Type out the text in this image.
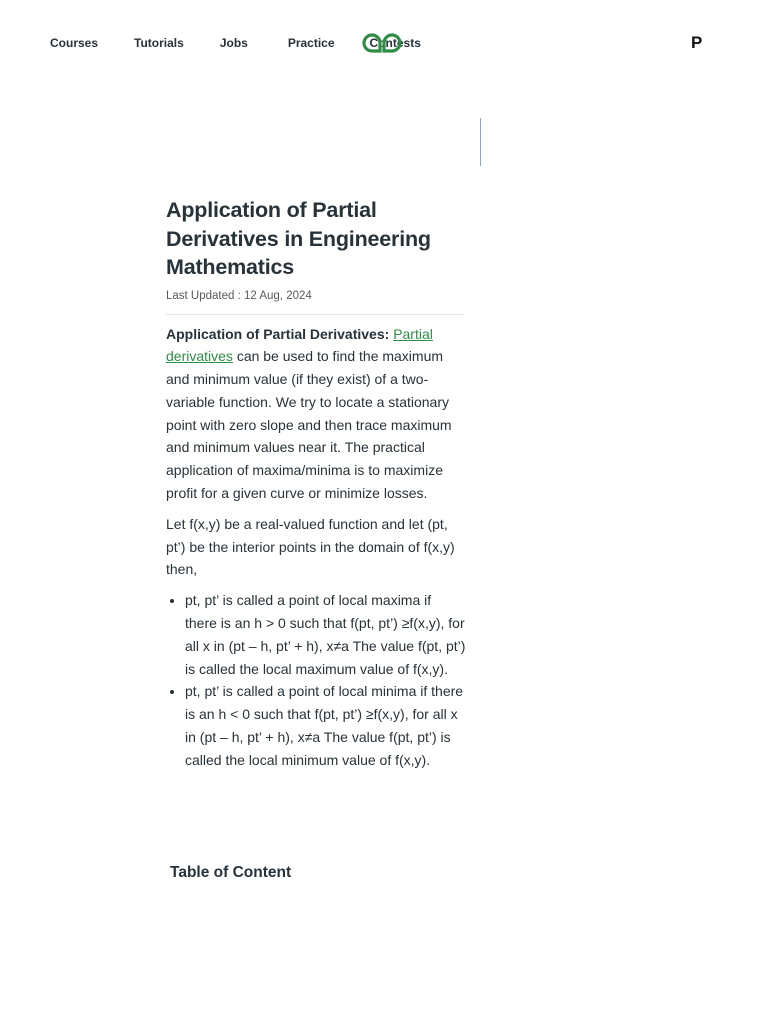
Courses	Tutorials	Jobs	Practice	Contests	P
Application of Partial Derivatives in Engineering Mathematics
Last Updated : 12 Aug, 2024

Application of Partial Derivatives: Partial derivatives can be used to find the maximum and minimum value (if they exist) of a two-variable function. We try to locate a stationary point with zero slope and then trace maximum and minimum values near it. The practical application of maxima/minima is to maximize profit for a given curve or minimize losses.

Let f(x,y) be a real-valued function and let (pt, pt’) be the interior points in the domain of f(x,y) then,

• pt, pt’ is called a point of local maxima if there is an h > 0 such that f(pt, pt’) ≥f(x,y), for all x in (pt – h, pt’ + h), x≠a The value f(pt, pt’) is called the local maximum value of f(x,y).
• pt, pt’ is called a point of local minima if there is an h < 0 such that f(pt, pt’) ≥f(x,y), for all x in (pt – h, pt’ + h), x≠a The value f(pt, pt’) is called the local minimum value of f(x,y).
Table of Content
